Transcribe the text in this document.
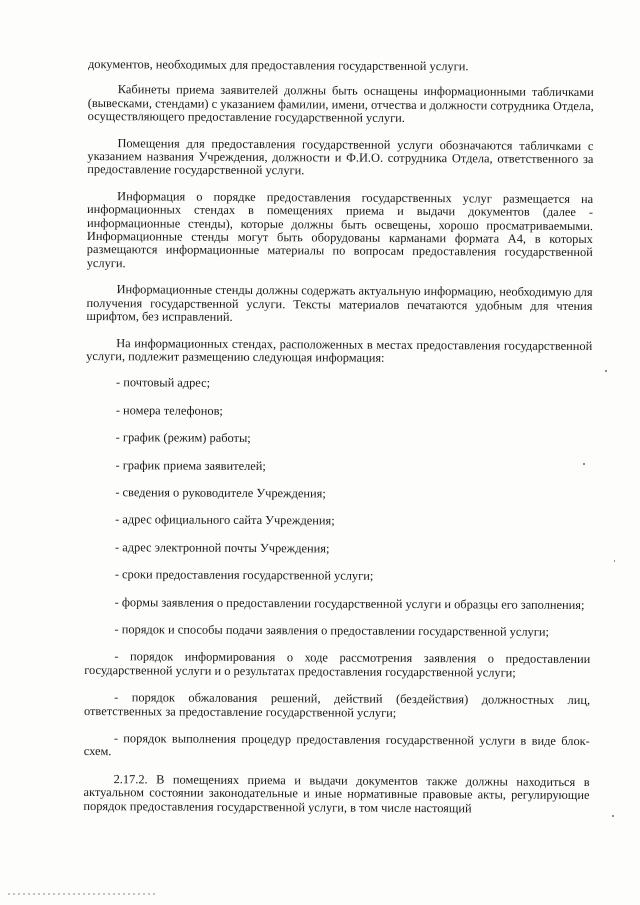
документов, необходимых для предоставления государственной услуги.

Кабинеты приема заявителей должны быть оснащены информационными табличками (вывесками, стендами) с указанием фамилии, имени, отчества и должности сотрудника Отдела, осуществляющего предоставление государственной услуги.

Помещения для предоставления государственной услуги обозначаются табличками с указанием названия Учреждения, должности и Ф.И.О. сотрудника Отдела, ответственного за предоставление государственной услуги.

Информация о порядке предоставления государственных услуг размещается на информационных стендах в помещениях приема и выдачи документов (далее - информационные стенды), которые должны быть освещены, хорошо просматриваемыми. Информационные стенды могут быть оборудованы карманами формата А4, в которых размещаются информационные материалы по вопросам предоставления государственной услуги.

Информационные стенды должны содержать актуальную информацию, необходимую для получения государственной услуги. Тексты материалов печатаются удобным для чтения шрифтом, без исправлений.

На информационных стендах, расположенных в местах предоставления государственной услуги, подлежит размещению следующая информация:

- почтовый адрес;

- номера телефонов;

- график (режим) работы;

- график приема заявителей;

- сведения о руководителе Учреждения;

- адрес официального сайта Учреждения;

- адрес электронной почты Учреждения;

- сроки предоставления государственной услуги;

- формы заявления о предоставлении государственной услуги и образцы его заполнения;

- порядок и способы подачи заявления о предоставлении государственной услуги;

- порядок информирования о ходе рассмотрения заявления о предоставлении государственной услуги и о результатах предоставления государственной услуги;

- порядок обжалования решений, действий (бездействия) должностных лиц, ответственных за предоставление государственной услуги;

- порядок выполнения процедур предоставления государственной услуги в виде блок-схем.

2.17.2. В помещениях приема и выдачи документов также должны находиться в актуальном состоянии законодательные и иные нормативные правовые акты, регулирующие порядок предоставления государственной услуги, в том числе настоящий
